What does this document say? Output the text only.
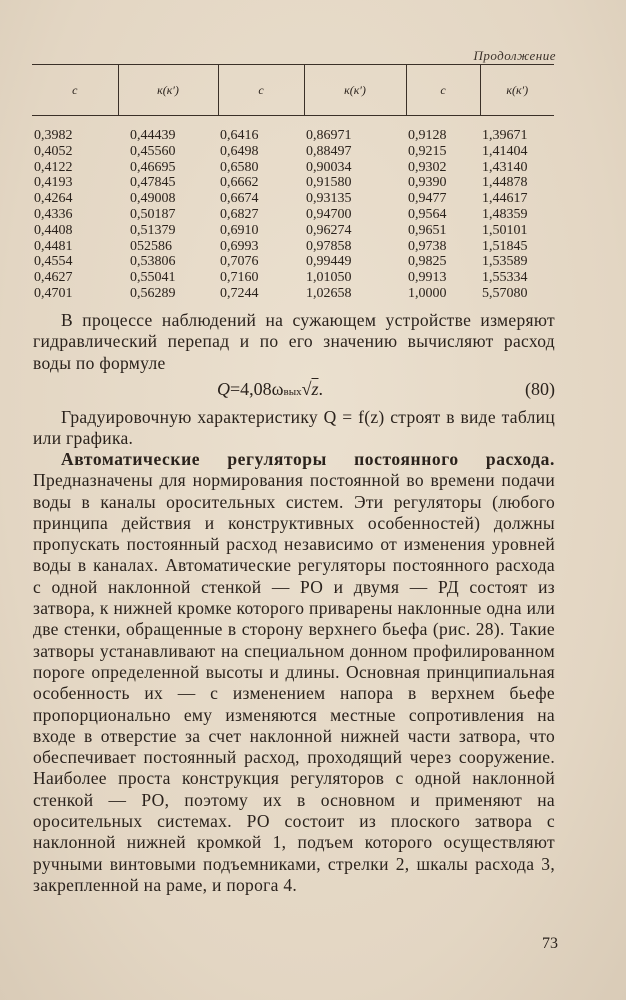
Продолжение
c	к(к′)	c	к(к′)	c	к(к′)
0,3982	0,44439	0,6416	0,86971	0,9128	1,39671
0,4052	0,45560	0,6498	0,88497	0,9215	1,41404
0,4122	0,46695	0,6580	0,90034	0,9302	1,43140
0,4193	0,47845	0,6662	0,91580	0,9390	1,44878
0,4264	0,49008	0,6674	0,93135	0,9477	1,44617
0,4336	0,50187	0,6827	0,94700	0,9564	1,48359
0,4408	0,51379	0,6910	0,96274	0,9651	1,50101
0,4481	052586	0,6993	0,97858	0,9738	1,51845
0,4554	0,53806	0,7076	0,99449	0,9825	1,53589
0,4627	0,55041	0,7160	1,01050	0,9913	1,55334
0,4701	0,56289	0,7244	1,02658	1,0000	5,57080
В процессе наблюдений на сужающем устройстве измеряют гидравлический перепад и по его значению вычисляют расход воды по формуле
Q=4,08ωвых√z.	(80)
Градуировочную характеристику Q = f(z) строят в виде таблиц или графика.
Автоматические регуляторы постоянного расхода. Предназначены для нормирования постоянной во времени подачи воды в каналы оросительных систем. Эти регуляторы (любого принципа действия и конструктивных особенностей) должны пропускать постоянный расход независимо от изменения уровней воды в каналах. Автоматические регуляторы постоянного расхода с одной наклонной стенкой — РО и двумя — РД состоят из затвора, к нижней кромке которого приварены наклонные одна или две стенки, обращенные в сторону верхнего бьефа (рис. 28). Такие затворы устанавливают на специальном донном профилированном пороге определенной высоты и длины. Основная принципиальная особенность их — с изменением напора в верхнем бьефе пропорционально ему изменяются местные сопротивления на входе в отверстие за счет наклонной нижней части затвора, что обеспечивает постоянный расход, проходящий через сооружение. Наиболее проста конструкция регуляторов с одной наклонной стенкой — РО, поэтому их в основном и применяют на оросительных системах. РО состоит из плоского затвора с наклонной нижней кромкой 1, подъем которого осуществляют ручными винтовыми подъемниками, стрелки 2, шкалы расхода 3, закрепленной на раме, и порога 4.
73
